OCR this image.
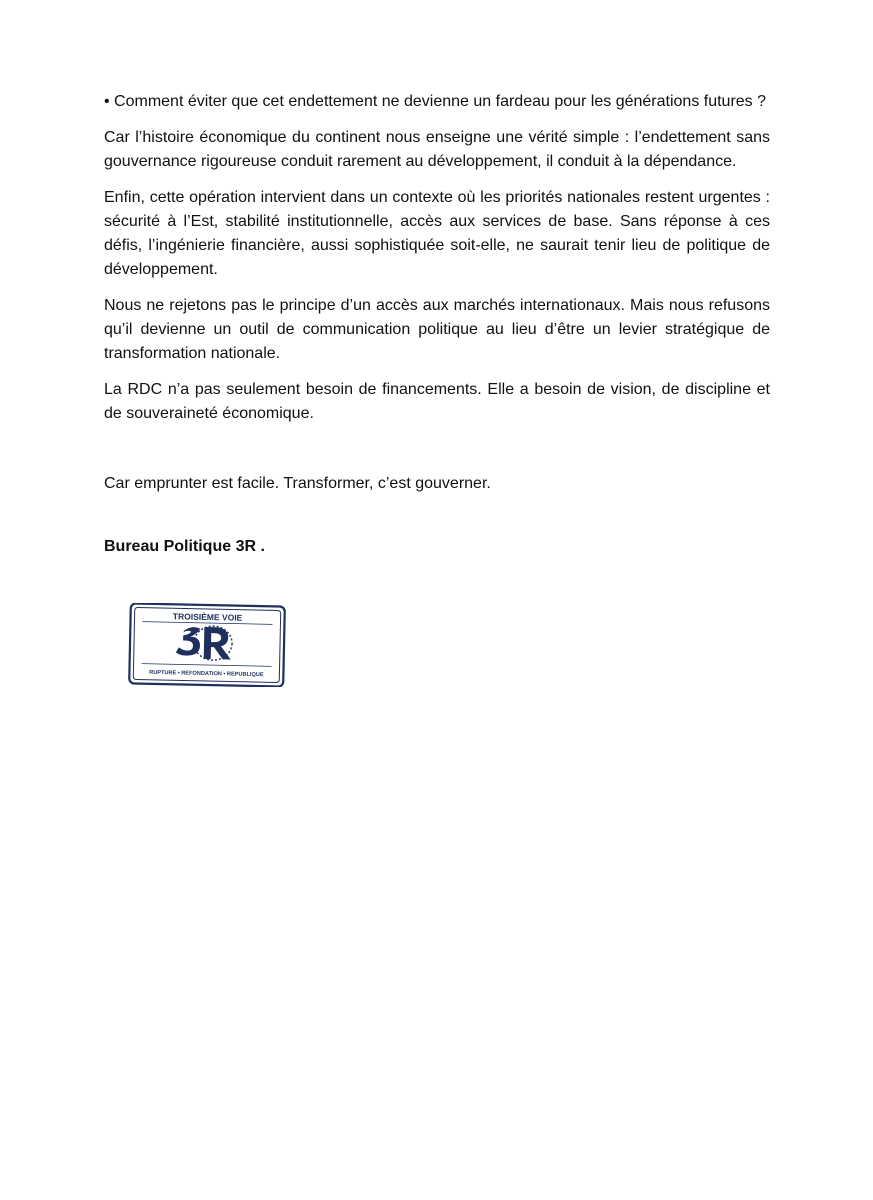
• Comment éviter que cet endettement ne devienne un fardeau pour les générations futures ?

Car l’histoire économique du continent nous enseigne une vérité simple : l’endettement sans gouvernance rigoureuse conduit rarement au développement, il conduit à la dépendance.

Enfin, cette opération intervient dans un contexte où les priorités nationales restent urgentes : sécurité à l’Est, stabilité institutionnelle, accès aux services de base. Sans réponse à ces défis, l’ingénierie financière, aussi sophistiquée soit-elle, ne saurait tenir lieu de politique de développement.

Nous ne rejetons pas le principe d’un accès aux marchés internationaux. Mais nous refusons qu’il devienne un outil de communication politique au lieu d’être un levier stratégique de transformation nationale.

La RDC n’a pas seulement besoin de financements. Elle a besoin de vision, de discipline et de souveraineté économique.

Car emprunter est facile. Transformer, c’est gouverner.

Bureau Politique 3R .

TROISIÈME VOIE
RUPTURE • REFONDATION • REPUBLIQUE
